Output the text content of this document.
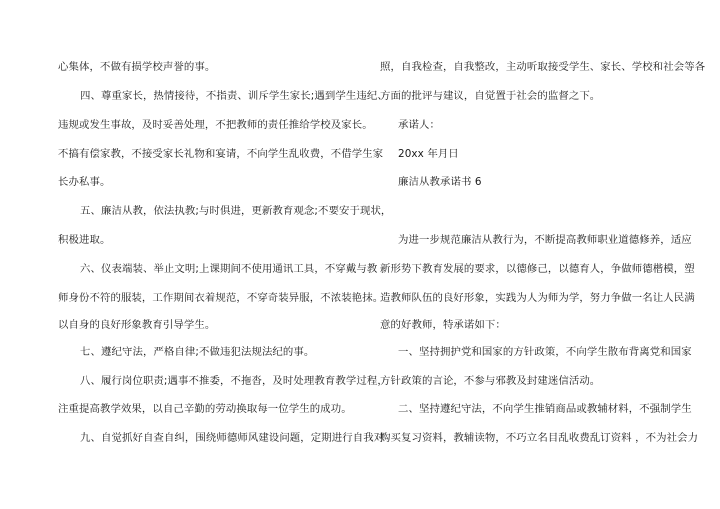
心集体，不做有损学校声誉的事。
四、尊重家长，热情接待，不指责、训斥学生家长;遇到学生违纪、
违规或发生事故，及时妥善处理，不把教师的责任推给学校及家长。
不搞有偿家教，不接受家长礼物和宴请，不向学生乱收费，不借学生家
长办私事。
五、廉洁从教，依法执教;与时俱进，更新教育观念;不要安于现状，
积极进取。
六、仪表端装、举止文明;上课期间不使用通讯工具，不穿戴与教
师身份不符的服装，工作期间衣着规范，不穿奇装异服，不浓装艳抹。
以自身的良好形象教育引导学生。
七、遵纪守法，严格自律;不做违犯法规法纪的事。
八、履行岗位职责;遇事不推委，不拖沓，及时处理教育教学过程，
注重提高教学效果，以自己辛勤的劳动换取每一位学生的成功。
九、自觉抓好自查自纠，围绕师德师风建设问题，定期进行自我对
照，自我检查，自我整改，主动听取接受学生、家长、学校和社会等各
方面的批评与建议，自觉置于社会的监督之下。
承诺人：
20xx 年月日
廉洁从教承诺书 6
为进一步规范廉洁从教行为，不断提高教师职业道德修养，适应
新形势下教育发展的要求，以德修己，以德育人，争做师德楷模，塑
造教师队伍的良好形象，实践为人为师为学，努力争做一名让人民满
意的好教师，特承诺如下：
一、坚持拥护党和国家的方针政策，不向学生散布背离党和国家
方针政策的言论，不参与邪教及封建迷信活动。
二、坚持遵纪守法，不向学生推销商品或教辅材料，不强制学生
购买复习资料，教辅读物，不巧立名目乱收费乱订资料 ，不为社会力
